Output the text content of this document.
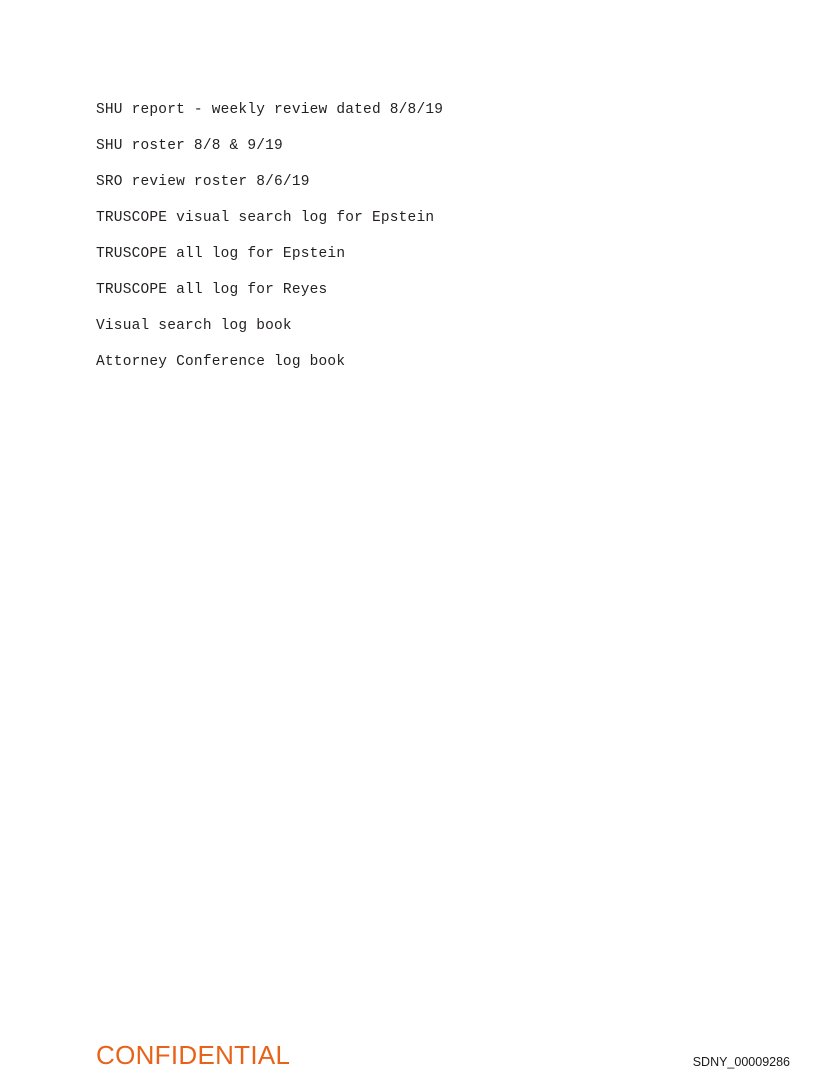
SHU report - weekly review dated 8/8/19
SHU roster 8/8 & 9/19
SRO review roster 8/6/19
TRUSCOPE visual search log for Epstein
TRUSCOPE all log for Epstein
TRUSCOPE all log for Reyes
Visual search log book
Attorney Conference log book
CONFIDENTIAL	SDNY_00009286
